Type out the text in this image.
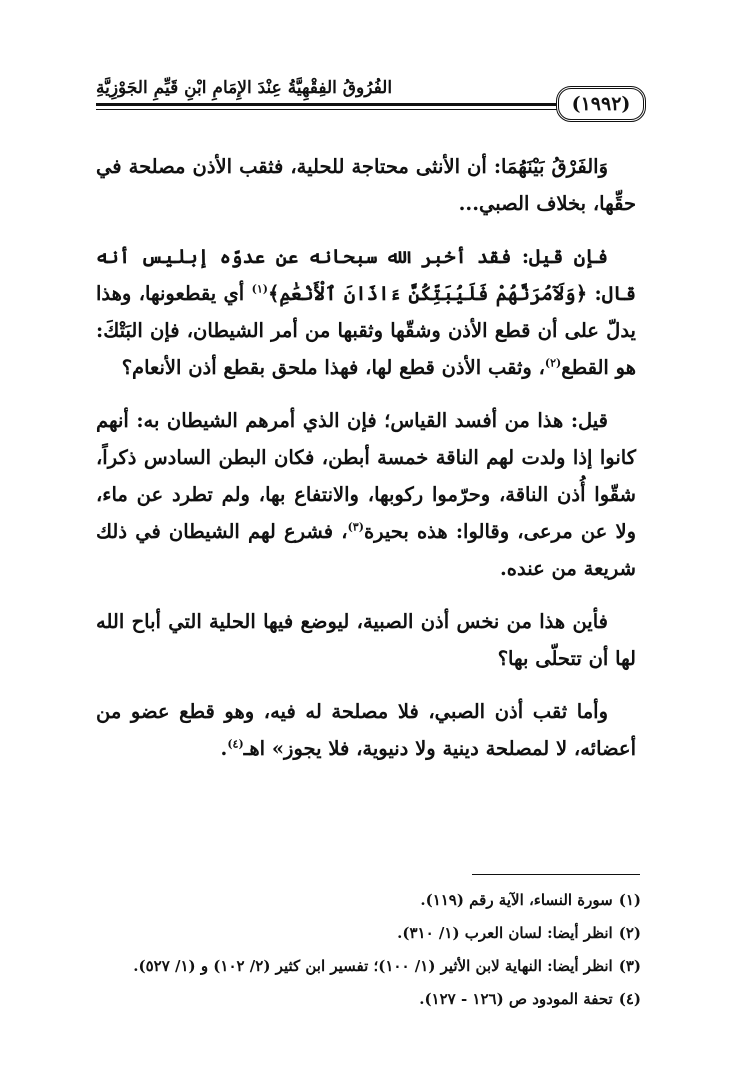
الفُرُوقُ الفِقْهِيَّةُ عِنْدَ الإِمَامِ ابْنِ قَيِّمِ الجَوْزِيَّةِ
(١٩٩٢)

وَالفَرْقُ بَيْنَهُمَا: أن الأنثى محتاجة للحلية، فثقب الأذن مصلحة في حقِّها، بخلاف الصبي...

فإن قيل: فقد أخبر الله سبحانه عن عدوّه إبليس أنه قال: ﴿وَلَآمُرَنَّهُمْ فَلَيُبَتِّكُنَّ ءَاذَانَ ٱلْأَنْعَٰمِ﴾$^{(١)}$ أي يقطعونها، وهذا يدلّ على أن قطع الأذن وشقّها وثقبها من أمر الشيطان، فإن البَتْكَ: هو القطع$^{(٢)}$، وثقب الأذن قطع لها، فهذا ملحق بقطع أذن الأنعام؟

قيل: هذا من أفسد القياس؛ فإن الذي أمرهم الشيطان به: أنهم كانوا إذا ولدت لهم الناقة خمسة أبطن، فكان البطن السادس ذكراً، شقّوا أُذن الناقة، وحرّموا ركوبها، والانتفاع بها، ولم تطرد عن ماء، ولا عن مرعى، وقالوا: هذه بحيرة$^{(٣)}$، فشرع لهم الشيطان في ذلك شريعة من عنده.

فأين هذا من نخس أذن الصبية، ليوضع فيها الحلية التي أباح الله لها أن تتحلّى بها؟

وأما ثقب أذن الصبي، فلا مصلحة له فيه، وهو قطع عضو من أعضائه، لا لمصلحة دينية ولا دنيوية، فلا يجوز» اهـ$^{(٤)}$.

(١)سورة النساء، الآية رقم (١١٩).
(٢)انظر أيضا: لسان العرب (١/ ٣١٠).
(٣)انظر أيضا: النهاية لابن الأثير (١/ ١٠٠)؛ تفسير ابن كثير (٢/ ١٠٢) و (١/ ٥٢٧).
(٤)تحفة المودود ص (١٢٦ - ١٢٧).
